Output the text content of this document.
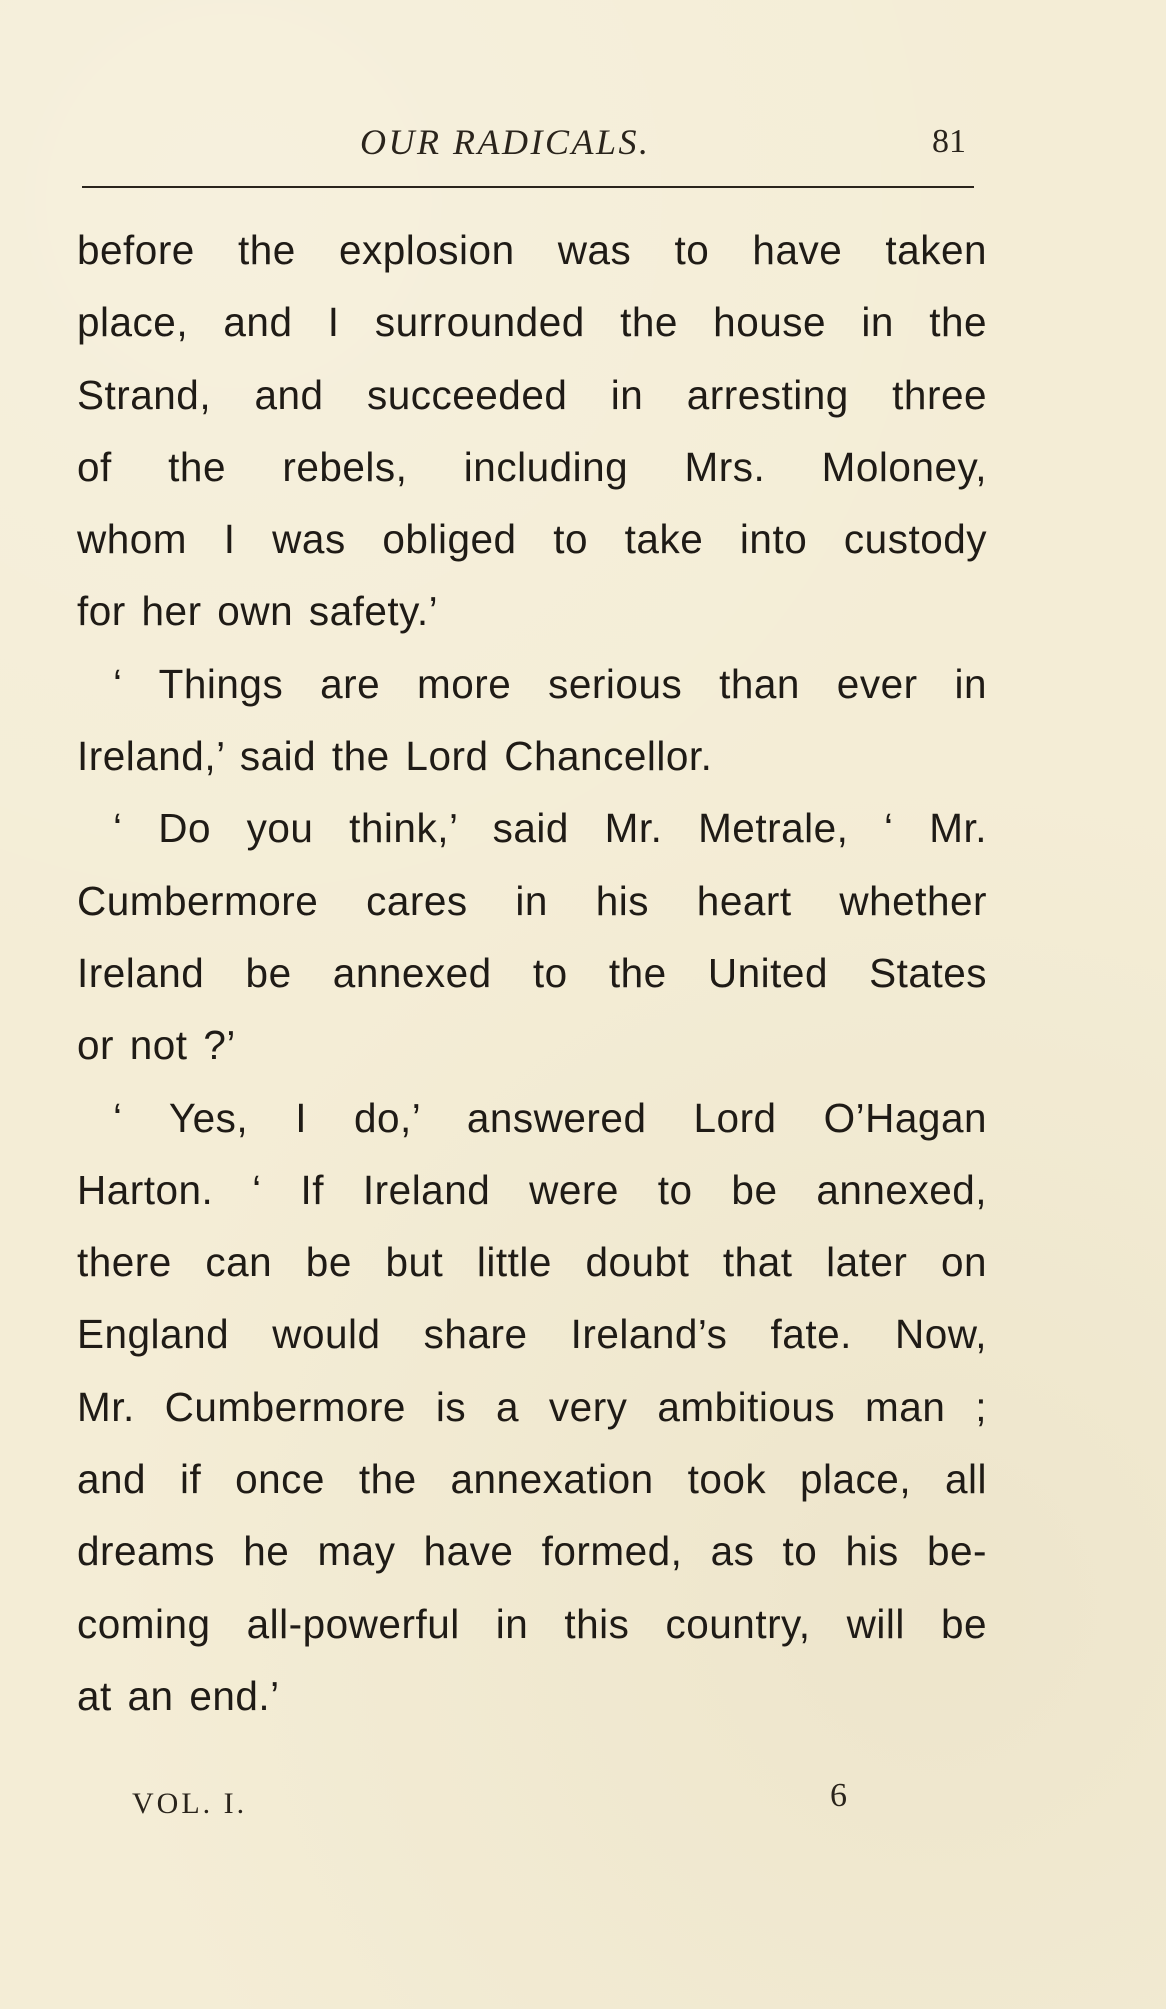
OUR RADICALS.	81
before the explosion was to have taken
place, and I surrounded the house in the
Strand, and succeeded in arresting three
of the rebels, including Mrs. Moloney,
whom I was obliged to take into custody
for her own safety.’
‘ Things are more serious than ever in
Ireland,’ said the Lord Chancellor.
‘ Do you think,’ said Mr. Metrale, ‘ Mr.
Cumbermore cares in his heart whether
Ireland be annexed to the United States
or not ?’
‘ Yes, I do,’ answered Lord O’Hagan
Harton. ‘ If Ireland were to be annexed,
there can be but little doubt that later on
England would share Ireland’s fate. Now,
Mr. Cumbermore is a very ambitious man ;
and if once the annexation took place, all
dreams he may have formed, as to his be-
coming all-powerful in this country, will be
at an end.’
VOL. I.	6
